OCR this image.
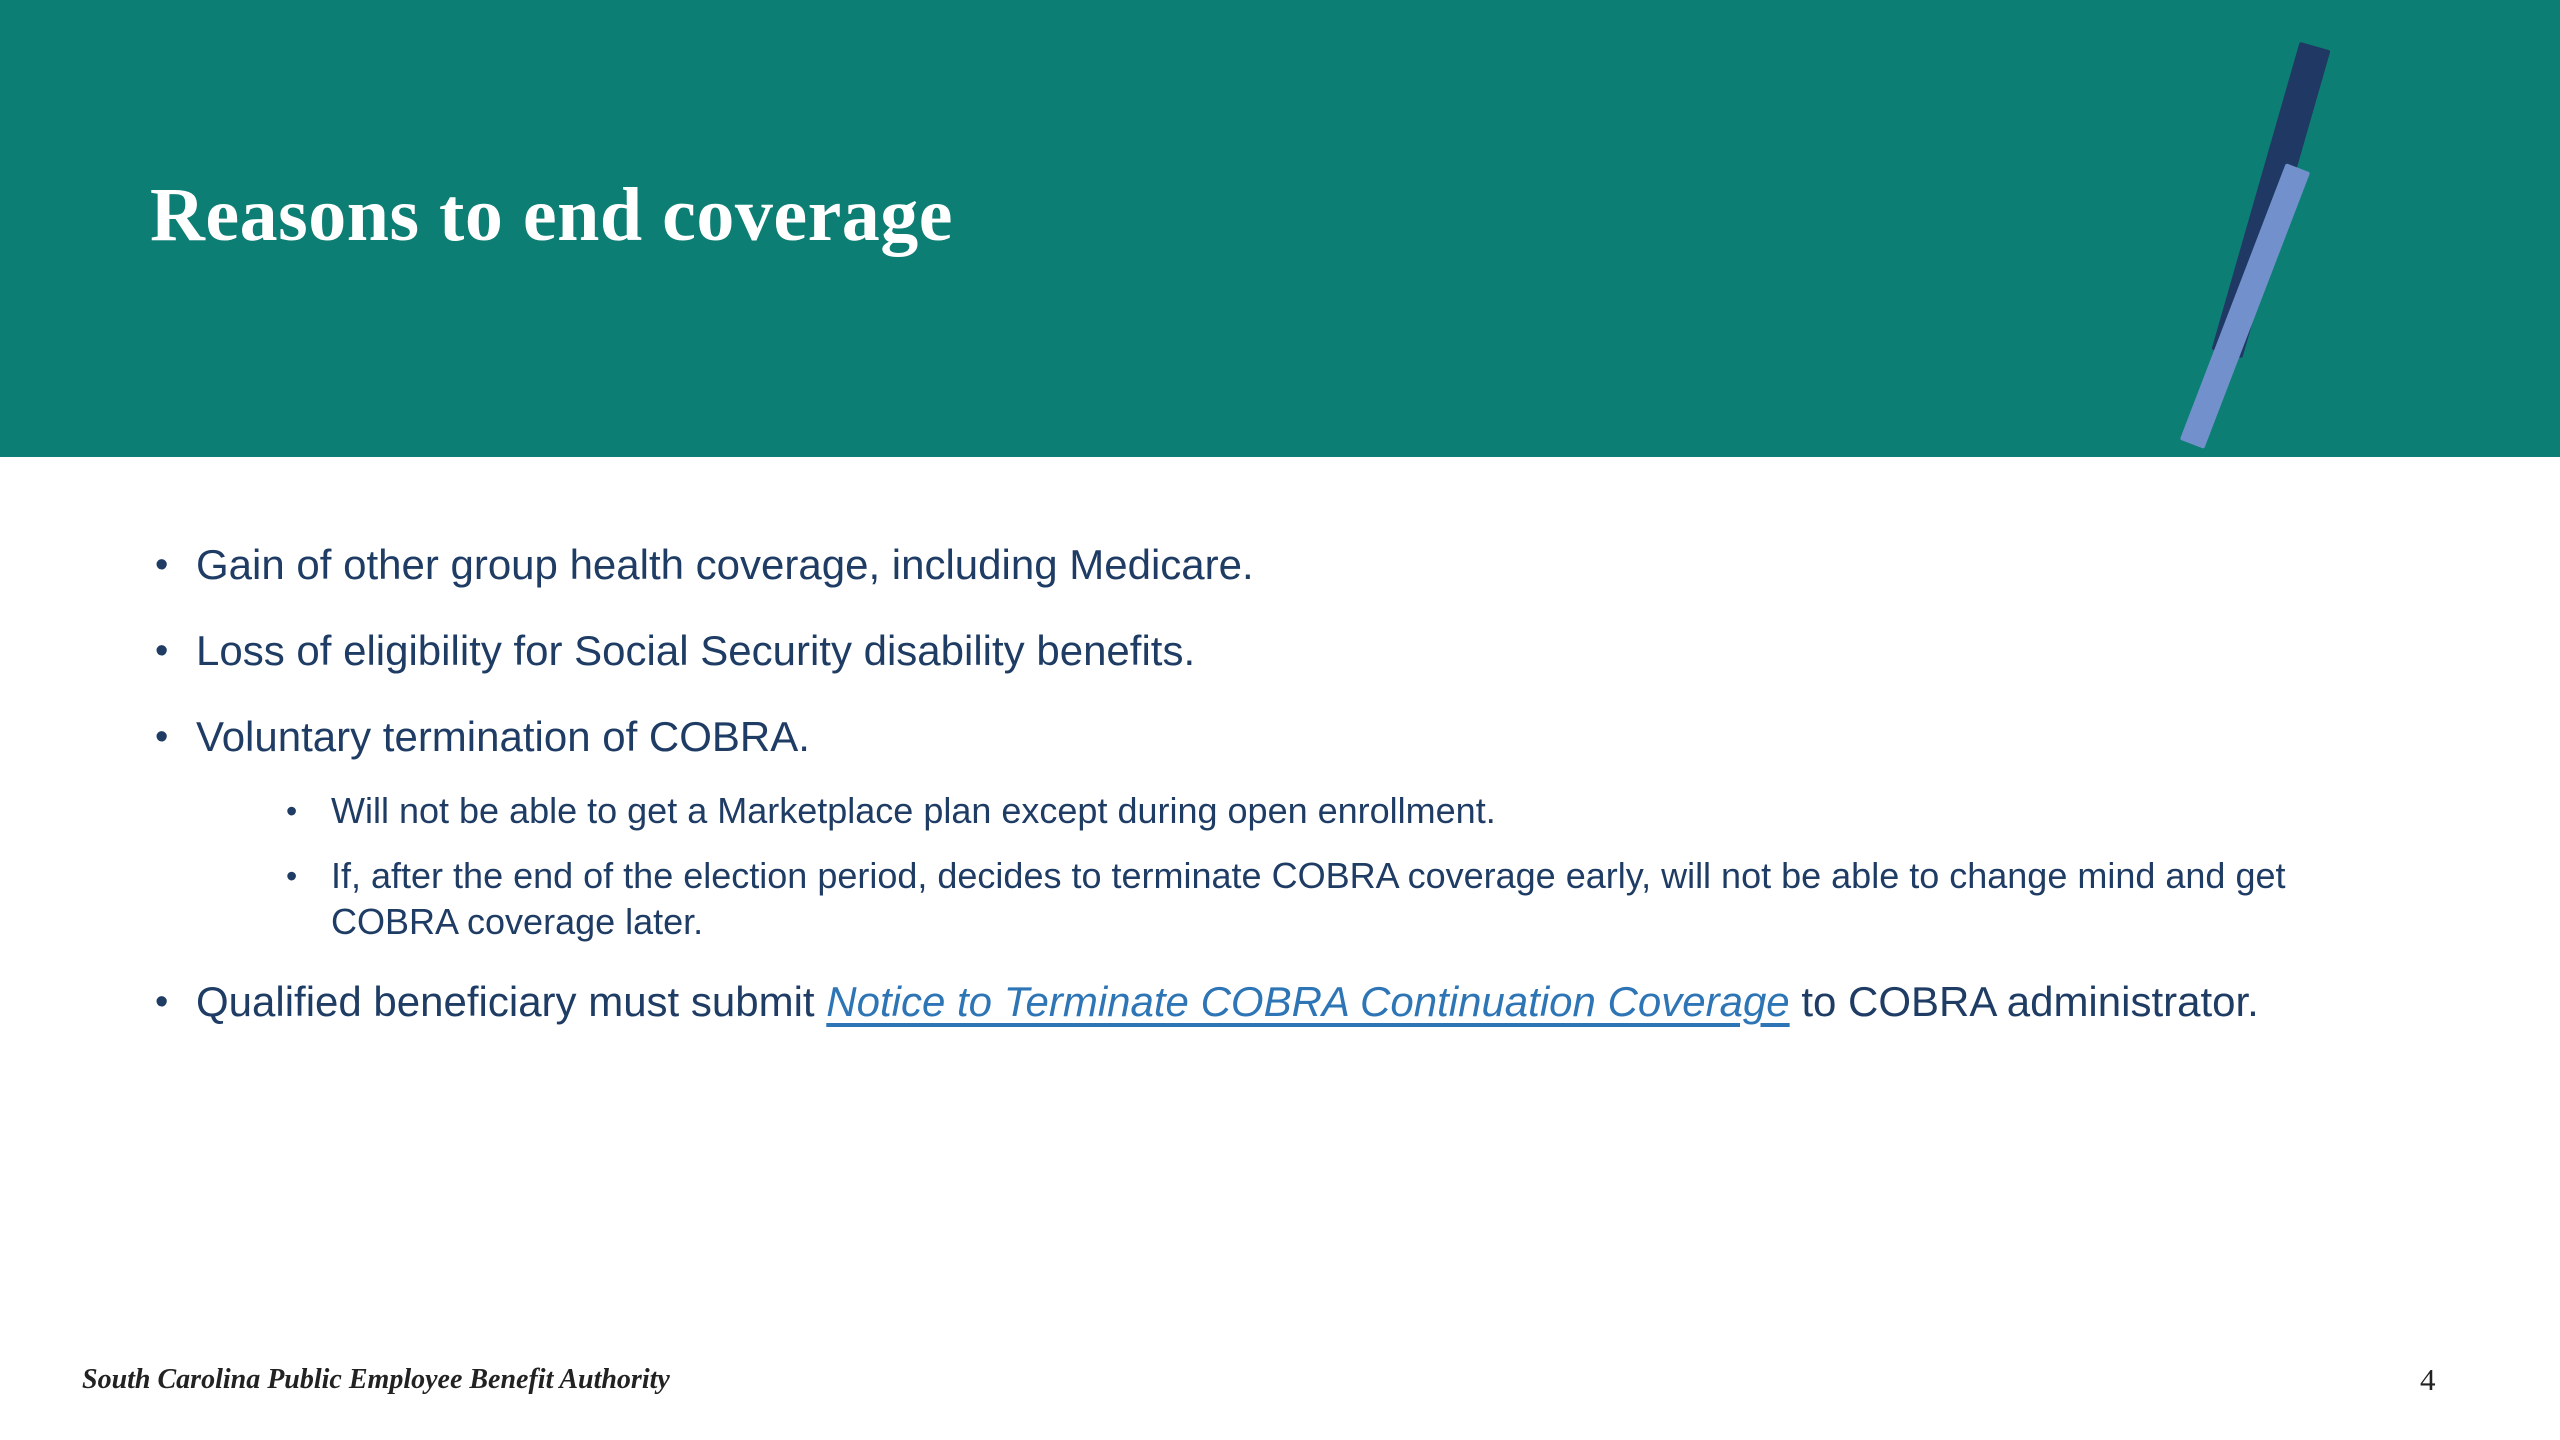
Reasons to end coverage
• Gain of other group health coverage, including Medicare.
• Loss of eligibility for Social Security disability benefits.
• Voluntary termination of COBRA.
• Will not be able to get a Marketplace plan except during open enrollment.
• If, after the end of the election period, decides to terminate COBRA coverage early, will not be able to change mind and get COBRA coverage later.
• Qualified beneficiary must submit Notice to Terminate COBRA Continuation Coverage to COBRA administrator.
South Carolina Public Employee Benefit Authority	4
